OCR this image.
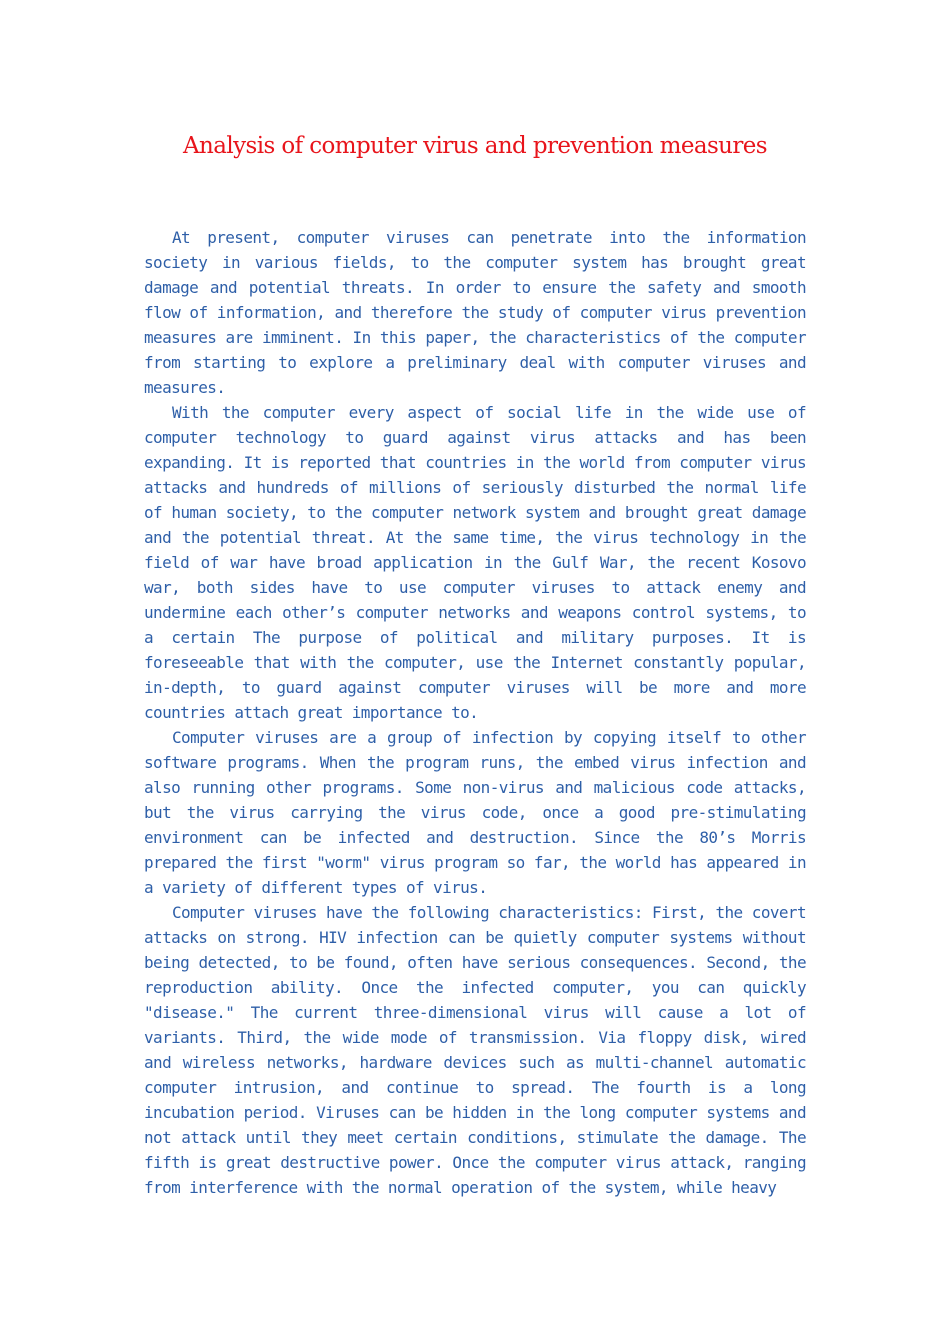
Analysis of computer virus and prevention measures

At present, computer viruses can penetrate into the information society in various fields, to the computer system has brought great damage and potential threats. In order to ensure the safety and smooth flow of information, and therefore the study of computer virus prevention measures are imminent. In this paper, the characteristics of the computer from starting to explore a preliminary deal with computer viruses and measures.

With the computer every aspect of social life in the wide use of computer technology to guard against virus attacks and has been expanding. It is reported that countries in the world from computer virus attacks and hundreds of millions of seriously disturbed the normal life of human society, to the computer network system and brought great damage and the potential threat. At the same time, the virus technology in the field of war have broad application in the Gulf War, the recent Kosovo war, both sides have to use computer viruses to attack enemy and undermine each other’s computer networks and weapons control systems, to a certain The purpose of political and military purposes. It is foreseeable that with the computer, use the Internet constantly popular, in-depth, to guard against computer viruses will be more and more countries attach great importance to.

Computer viruses are a group of infection by copying itself to other software programs. When the program runs, the embed virus infection and also running other programs. Some non-virus and malicious code attacks, but the virus carrying the virus code, once a good pre-stimulating environment can be infected and destruction. Since the 80’s Morris prepared the first "worm" virus program so far, the world has appeared in a variety of different types of virus.

Computer viruses have the following characteristics: First, the covert attacks on strong. HIV infection can be quietly computer systems without being detected, to be found, often have serious consequences. Second, the reproduction ability. Once the infected computer, you can quickly "disease." The current three-dimensional virus will cause a lot of variants. Third, the wide mode of transmission. Via floppy disk, wired and wireless networks, hardware devices such as multi-channel automatic computer intrusion, and continue to spread. The fourth is a long incubation period. Viruses can be hidden in the long computer systems and not attack until they meet certain conditions, stimulate the damage. The fifth is great destructive power. Once the computer virus attack, ranging from interference with the normal operation of the system, while heavy
